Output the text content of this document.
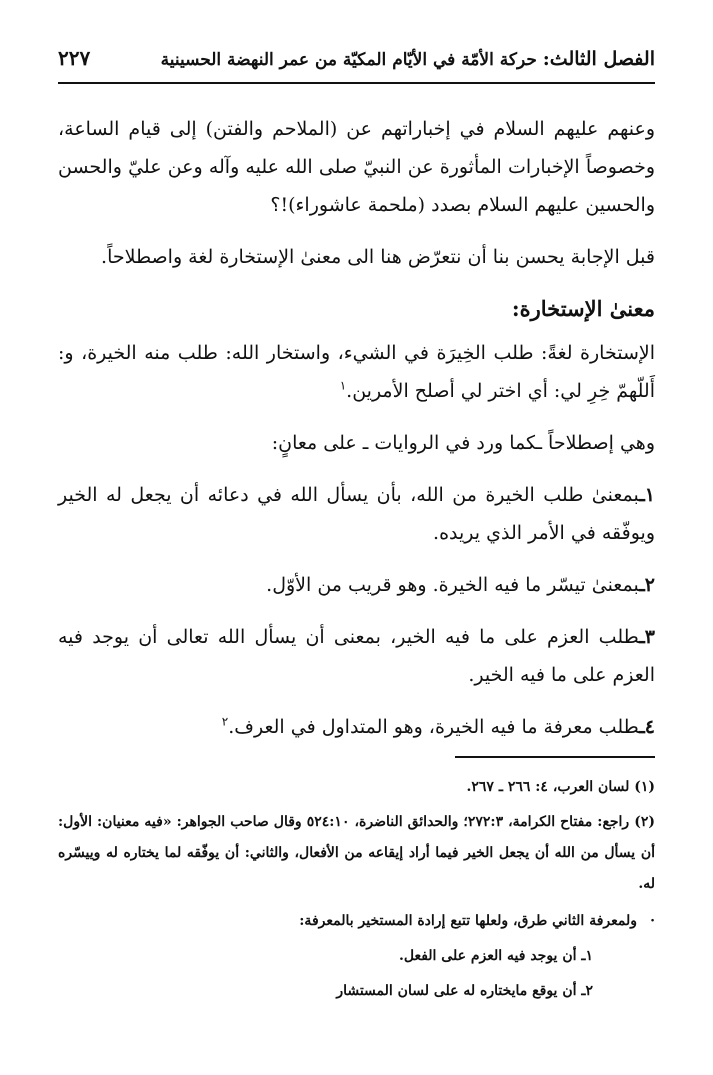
الفصل الثالث: حركة الأمّة في الأيّام المكيّة من عمر النهضة الحسينية
٢٢٧

وعنهم عليهم السلام في إخباراتهم عن (الملاحم والفتن) إلى قيام الساعة، وخصوصاً الإخبارات المأثورة عن النبيّ صلى الله عليه وآله وعن عليّ والحسن والحسين عليهم السلام بصدد (ملحمة عاشوراء)!؟

قبل الإجابة يحسن بنا أن نتعرّض هنا الى معنىٰ الإستخارة لغة واصطلاحاً.

معنىٰ الإستخارة:

الإستخارة لغةً: طلب الخِيرَة في الشيء، واستخار الله: طلب منه الخيرة، و: أَللّهمّ خِرِ لي: أي اختر لي أصلح الأمرين.$^١$

وهي إصطلاحاً ـكما ورد في الروايات ـ على معانٍ:

١ـبمعنىٰ طلب الخيرة من الله، بأن يسأل الله في دعائه أن يجعل له الخير ويوفّقه في الأمر الذي يريده.

٢ـبمعنىٰ تيسّر ما فيه الخيرة. وهو قريب من الأوّل.

٣ـطلب العزم على ما فيه الخير، بمعنى أن يسأل الله تعالى أن يوجد فيه العزم على ما فيه الخير.

٤ـطلب معرفة ما فيه الخيرة، وهو المتداول في العرف.$^٢$

(١) لسان العرب، ٤: ٢٦٦ ـ ٢٦٧.

(٢) راجع: مفتاح الكرامة، ٢٧٢:٣؛ والحدائق الناضرة، ٥٢٤:١٠ وقال صاحب الجواهر: «فيه معنيان: الأول: أن يسأل من الله أن يجعل الخير فيما أراد إيقاعه من الأفعال، والثاني: أن يوفّقه لما يختاره له وييسّره له.

· ولمعرفة الثاني طرق، ولعلها تتبع إرادة المستخير بالمعرفة:
١ـ أن يوجد فيه العزم على الفعل.
٢ـ أن يوقع مايختاره له على لسان المستشار
